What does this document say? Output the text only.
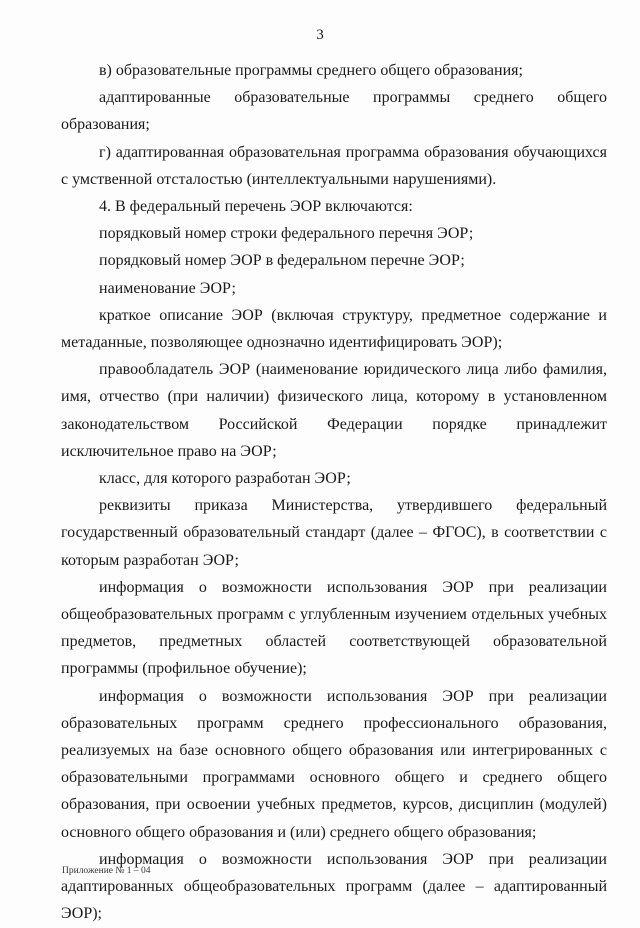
3

в) образовательные программы среднего общего образования;

адаптированные образовательные программы среднего общего образования;

г) адаптированная образовательная программа образования обучающихся с умственной отсталостью (интеллектуальными нарушениями).

4. В федеральный перечень ЭОР включаются:

порядковый номер строки федерального перечня ЭОР;

порядковый номер ЭОР в федеральном перечне ЭОР;

наименование ЭОР;

краткое описание ЭОР (включая структуру, предметное содержание и метаданные, позволяющее однозначно идентифицировать ЭОР);

правообладатель ЭОР (наименование юридического лица либо фамилия, имя, отчество (при наличии) физического лица, которому в установленном законодательством Российской Федерации порядке принадлежит исключительное право на ЭОР;

класс, для которого разработан ЭОР;

реквизиты приказа Министерства, утвердившего федеральный государственный образовательный стандарт (далее – ФГОС), в соответствии с которым разработан ЭОР;

информация о возможности использования ЭОР при реализации общеобразовательных программ с углубленным изучением отдельных учебных предметов, предметных областей соответствующей образовательной программы (профильное обучение);

информация о возможности использования ЭОР при реализации образовательных программ среднего профессионального образования, реализуемых на базе основного общего образования или интегрированных с образовательными программами основного общего и среднего общего образования, при освоении учебных предметов, курсов, дисциплин (модулей) основного общего образования и (или) среднего общего образования;

информация о возможности использования ЭОР при реализации адаптированных общеобразовательных программ (далее – адаптированный ЭОР);

Приложение № 1 – 04
